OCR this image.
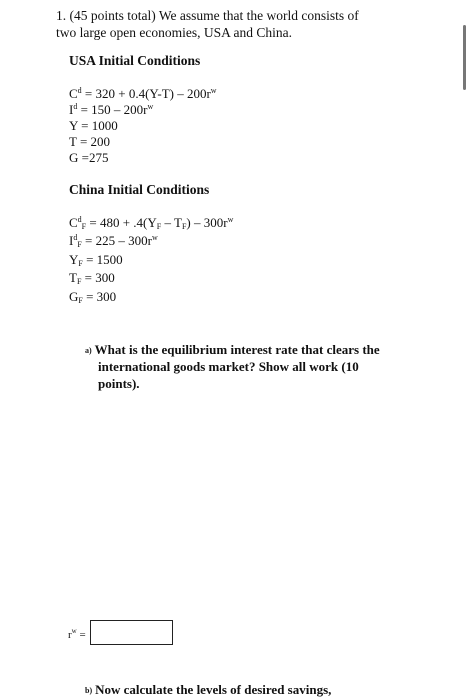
1. (45 points total) We assume that the world consists of
two large open economies, USA and China.
USA Initial Conditions
$C^d = 320 + 0.4(Y-T) - 200r^w$
$I^d = 150 - 200r^w$
Y = 1000
T = 200
G =275
China Initial Conditions
$C^d_F = 480 + .4(Y_F - T_F) - 300r^w$
$I^d_F = 225 - 300r^w$
$Y_F = 1500$
$T_F = 300$
$G_F = 300$
a) What is the equilibrium interest rate that clears the
international goods market? Show all work (10
points).
$r^w$ =
b) Now calculate the levels of desired savings,
